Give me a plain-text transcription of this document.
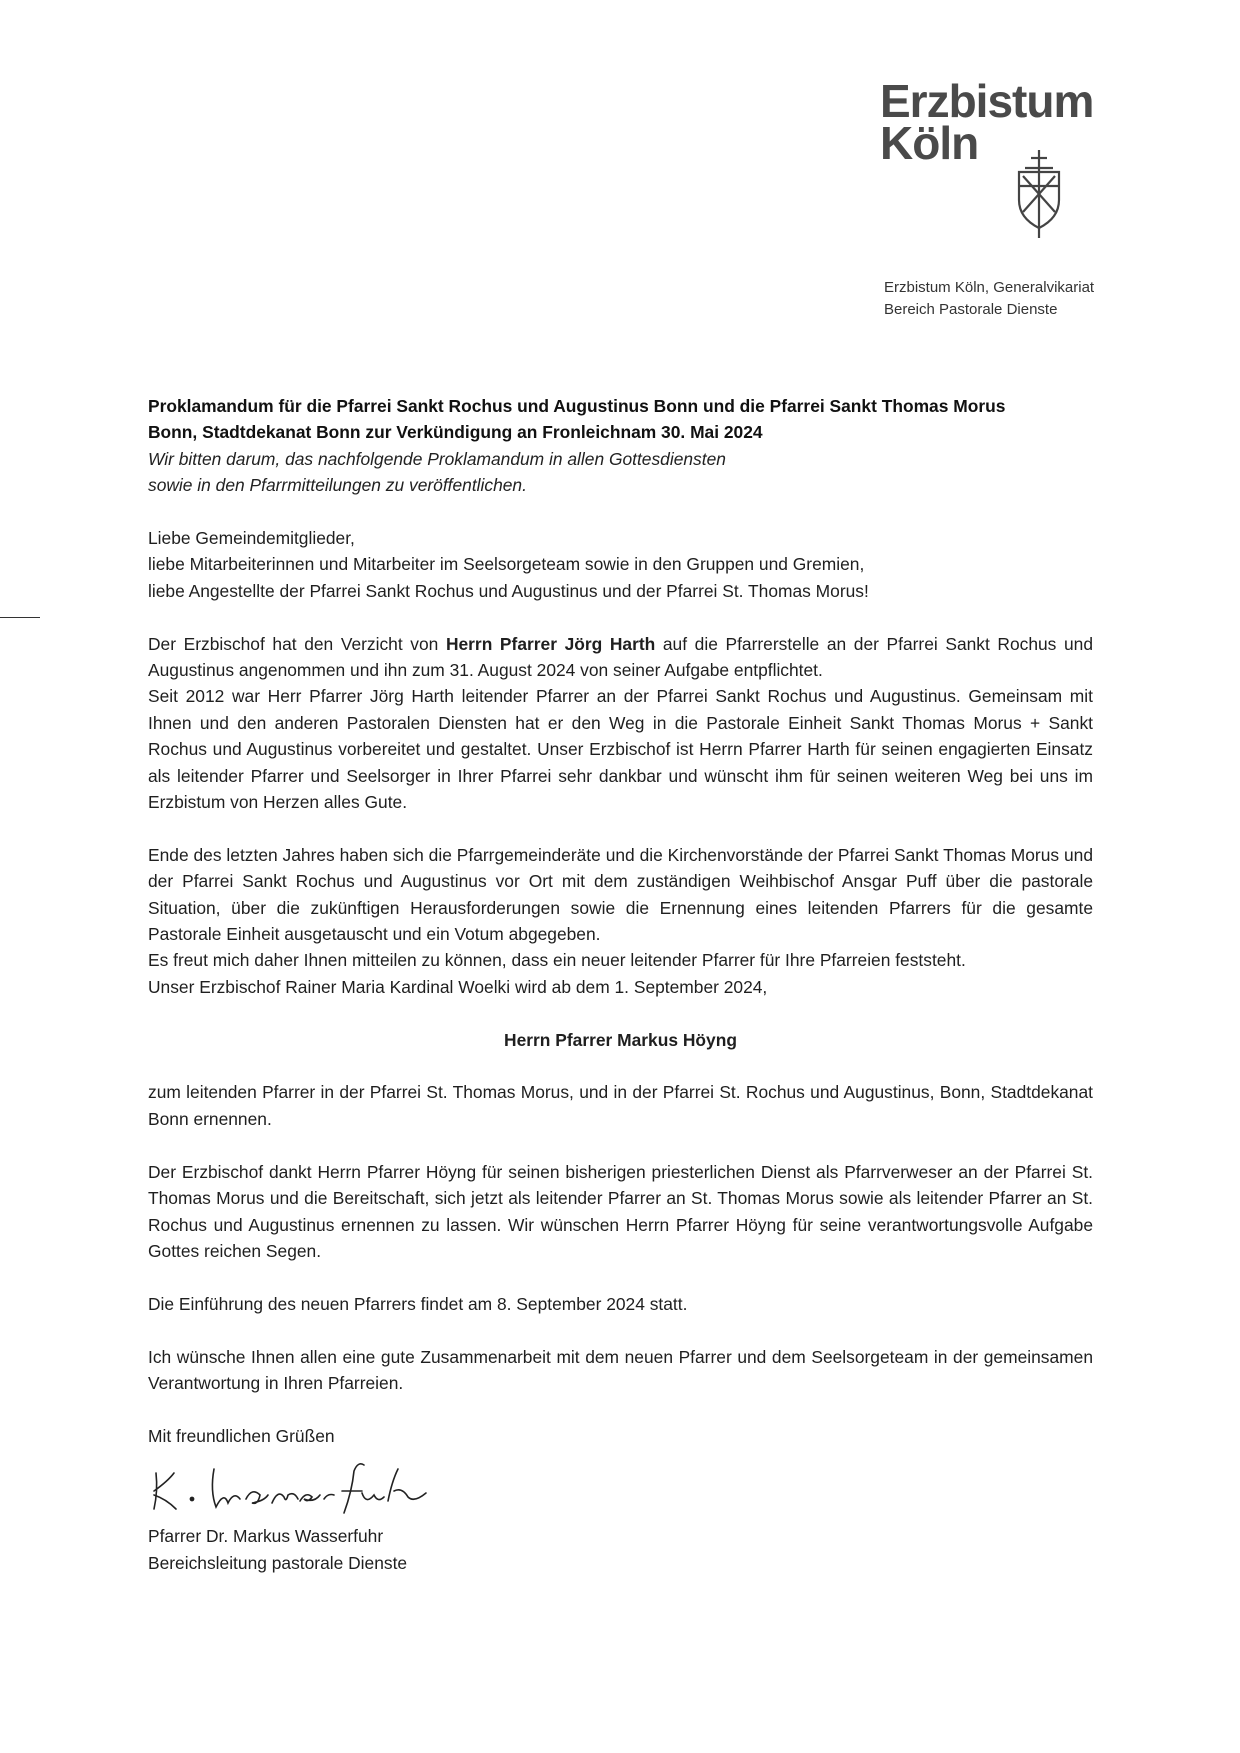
Erzbistum
Köln
Erzbistum Köln, Generalvikariat
Bereich Pastorale Dienste

Proklamandum für die Pfarrei Sankt Rochus und Augustinus Bonn und die Pfarrei Sankt Thomas Morus
Bonn, Stadtdekanat Bonn zur Verkündigung an Fronleichnam 30. Mai 2024

Wir bitten darum, das nachfolgende Proklamandum in allen Gottesdiensten
sowie in den Pfarrmitteilungen zu veröffentlichen.

Liebe Gemeindemitglieder,
liebe Mitarbeiterinnen und Mitarbeiter im Seelsorgeteam sowie in den Gruppen und Gremien,
liebe Angestellte der Pfarrei Sankt Rochus und Augustinus und der Pfarrei St. Thomas Morus!

Der Erzbischof hat den Verzicht von Herrn Pfarrer Jörg Harth auf die Pfarrerstelle an der Pfarrei Sankt Rochus und Augustinus angenommen und ihn zum 31. August 2024 von seiner Aufgabe entpflichtet.

Seit 2012 war Herr Pfarrer Jörg Harth leitender Pfarrer an der Pfarrei Sankt Rochus und Augustinus. Gemeinsam mit Ihnen und den anderen Pastoralen Diensten hat er den Weg in die Pastorale Einheit Sankt Thomas Morus + Sankt Rochus und Augustinus vorbereitet und gestaltet. Unser Erzbischof ist Herrn Pfarrer Harth für seinen engagierten Einsatz als leitender Pfarrer und Seelsorger in Ihrer Pfarrei sehr dankbar und wünscht ihm für seinen weiteren Weg bei uns im Erzbistum von Herzen alles Gute.

Ende des letzten Jahres haben sich die Pfarrgemeinderäte und die Kirchenvorstände der Pfarrei Sankt Thomas Morus und der Pfarrei Sankt Rochus und Augustinus vor Ort mit dem zuständigen Weihbischof Ansgar Puff über die pastorale Situation, über die zukünftigen Herausforderungen sowie die Ernennung eines leitenden Pfarrers für die gesamte Pastorale Einheit ausgetauscht und ein Votum abgegeben.

Es freut mich daher Ihnen mitteilen zu können, dass ein neuer leitender Pfarrer für Ihre Pfarreien feststeht.

Unser Erzbischof Rainer Maria Kardinal Woelki wird ab dem 1. September 2024,

Herrn Pfarrer Markus Höyng

zum leitenden Pfarrer in der Pfarrei St. Thomas Morus, und in der Pfarrei St. Rochus und Augustinus, Bonn, Stadtdekanat Bonn ernennen.

Der Erzbischof dankt Herrn Pfarrer Höyng für seinen bisherigen priesterlichen Dienst als Pfarrverweser an der Pfarrei St. Thomas Morus und die Bereitschaft, sich jetzt als leitender Pfarrer an St. Thomas Morus sowie als leitender Pfarrer an St. Rochus und Augustinus ernennen zu lassen. Wir wünschen Herrn Pfarrer Höyng für seine verantwortungsvolle Aufgabe Gottes reichen Segen.

Die Einführung des neuen Pfarrers findet am 8. September 2024 statt.

Ich wünsche Ihnen allen eine gute Zusammenarbeit mit dem neuen Pfarrer und dem Seelsorgeteam in der gemeinsamen Verantwortung in Ihren Pfarreien.

Mit freundlichen Grüßen

Pfarrer Dr. Markus Wasserfuhr
Bereichsleitung pastorale Dienste
